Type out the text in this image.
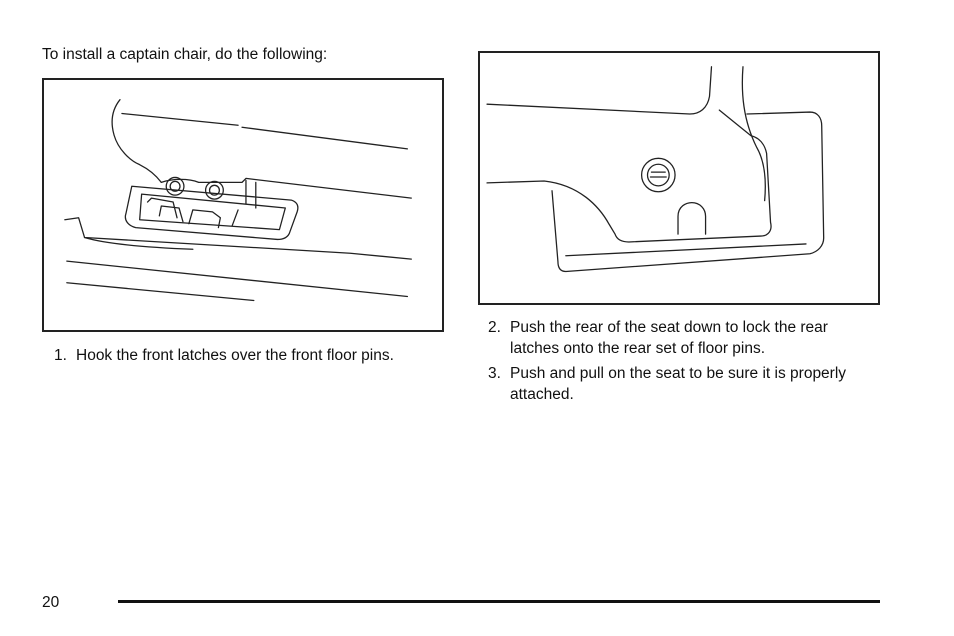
To install a captain chair, do the following:
1. Hook the front latches over the front floor pins.
2. Push the rear of the seat down to lock the rear latches onto the rear set of floor pins.
3. Push and pull on the seat to be sure it is properly attached.
20
